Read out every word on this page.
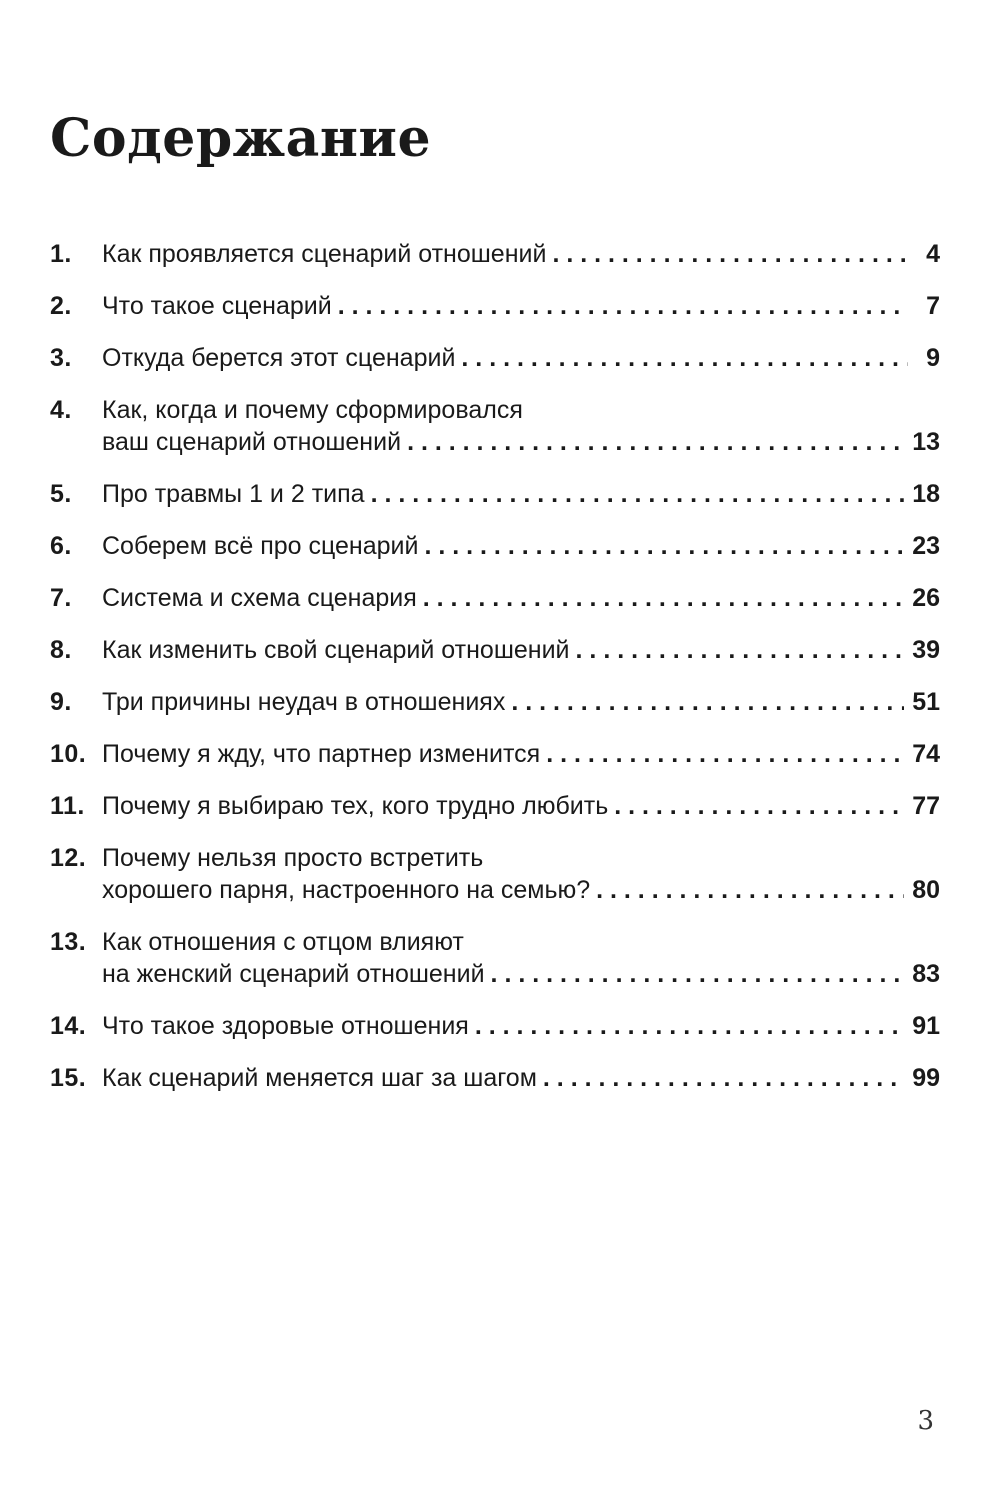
Содержание
1. Как проявляется сценарий отношений . . .	4
2. Что такое сценарий . . .	7
3. Откуда берется этот сценарий . . .	9
4. Как, когда и почему сформировался
ваш сценарий отношений . . .	13
5. Про травмы 1 и 2 типа . . .	18
6. Соберем всё про сценарий . . .	23
7. Система и схема сценария . . .	26
8. Как изменить свой сценарий отношений . . .	39
9. Три причины неудач в отношениях . . .	51
10. Почему я жду, что партнер изменится . . .	74
11. Почему я выбираю тех, кого трудно любить . . .	77
12. Почему нельзя просто встретить
хорошего парня, настроенного на семью? . . .	80
13. Как отношения с отцом влияют
на женский сценарий отношений . . .	83
14. Что такое здоровые отношения . . .	91
15. Как сценарий меняется шаг за шагом . . .	99
3
